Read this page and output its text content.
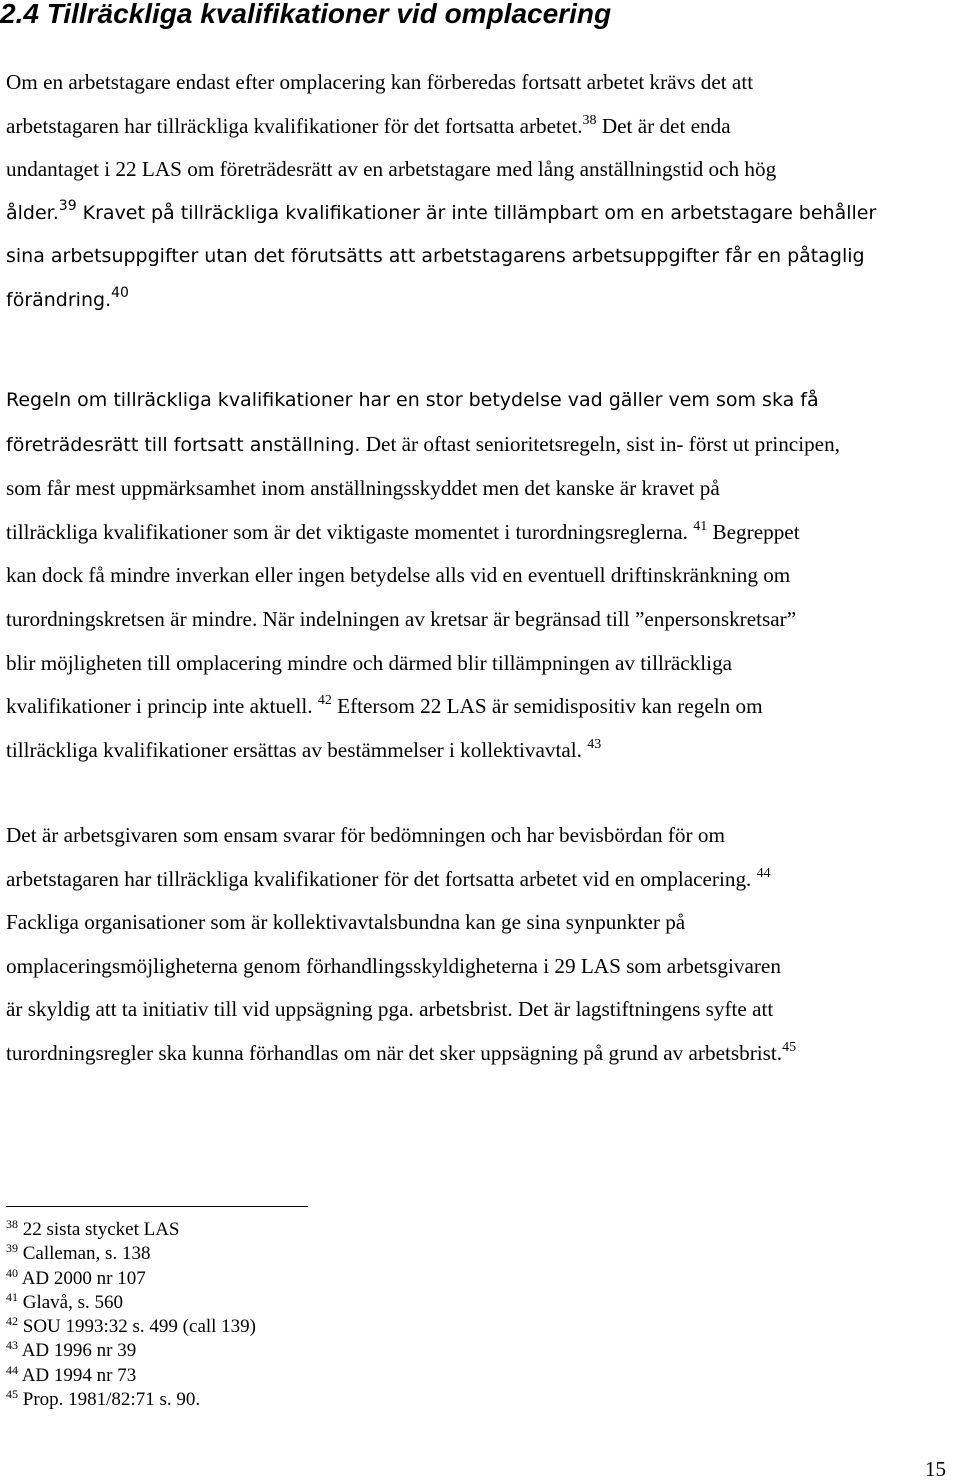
2.4 Tillräckliga kvalifikationer vid omplacering

Om en arbetstagare endast efter omplacering kan förberedas fortsatt arbetet krävs det att
arbetstagaren har tillräckliga kvalifikationer för det fortsatta arbetet.$^{38}$ Det är det enda
undantaget i 22 LAS om företrädesrätt av en arbetstagare med lång anställningstid och hög
ålder.$^{39}$ Kravet på tillräckliga kvalifikationer är inte tillämpbart om en arbetstagare behåller
sina arbetsuppgifter utan det förutsätts att arbetstagarens arbetsuppgifter får en påtaglig
förändring.$^{40}$

Regeln om tillräckliga kvalifikationer har en stor betydelse vad gäller vem som ska få
företrädesrätt till fortsatt anställning. Det är oftast senioritetsregeln, sist in- först ut principen,
som får mest uppmärksamhet inom anställningsskyddet men det kanske är kravet på
tillräckliga kvalifikationer som är det viktigaste momentet i turordningsreglerna. $^{41}$ Begreppet
kan dock få mindre inverkan eller ingen betydelse alls vid en eventuell driftinskränkning om
turordningskretsen är mindre. När indelningen av kretsar är begränsad till ”enpersonskretsar”
blir möjligheten till omplacering mindre och därmed blir tillämpningen av tillräckliga
kvalifikationer i princip inte aktuell. $^{42}$ Eftersom 22 LAS är semidispositiv kan regeln om
tillräckliga kvalifikationer ersättas av bestämmelser i kollektivavtal. $^{43}$

Det är arbetsgivaren som ensam svarar för bedömningen och har bevisbördan för om
arbetstagaren har tillräckliga kvalifikationer för det fortsatta arbetet vid en omplacering. $^{44}$
Fackliga organisationer som är kollektivavtalsbundna kan ge sina synpunkter på
omplaceringsmöjligheterna genom förhandlingsskyldigheterna i 29 LAS som arbetsgivaren
är skyldig att ta initiativ till vid uppsägning pga. arbetsbrist. Det är lagstiftningens syfte att
turordningsregler ska kunna förhandlas om när det sker uppsägning på grund av arbetsbrist.$^{45}$

$^{38}$ 22 sista stycket LAS
$^{39}$ Calleman, s. 138
$^{40}$ AD 2000 nr 107
$^{41}$ Glavå, s. 560
$^{42}$ SOU 1993:32 s. 499 (call 139)
$^{43}$ AD 1996 nr 39
$^{44}$ AD 1994 nr 73
$^{45}$ Prop. 1981/82:71 s. 90.
15
